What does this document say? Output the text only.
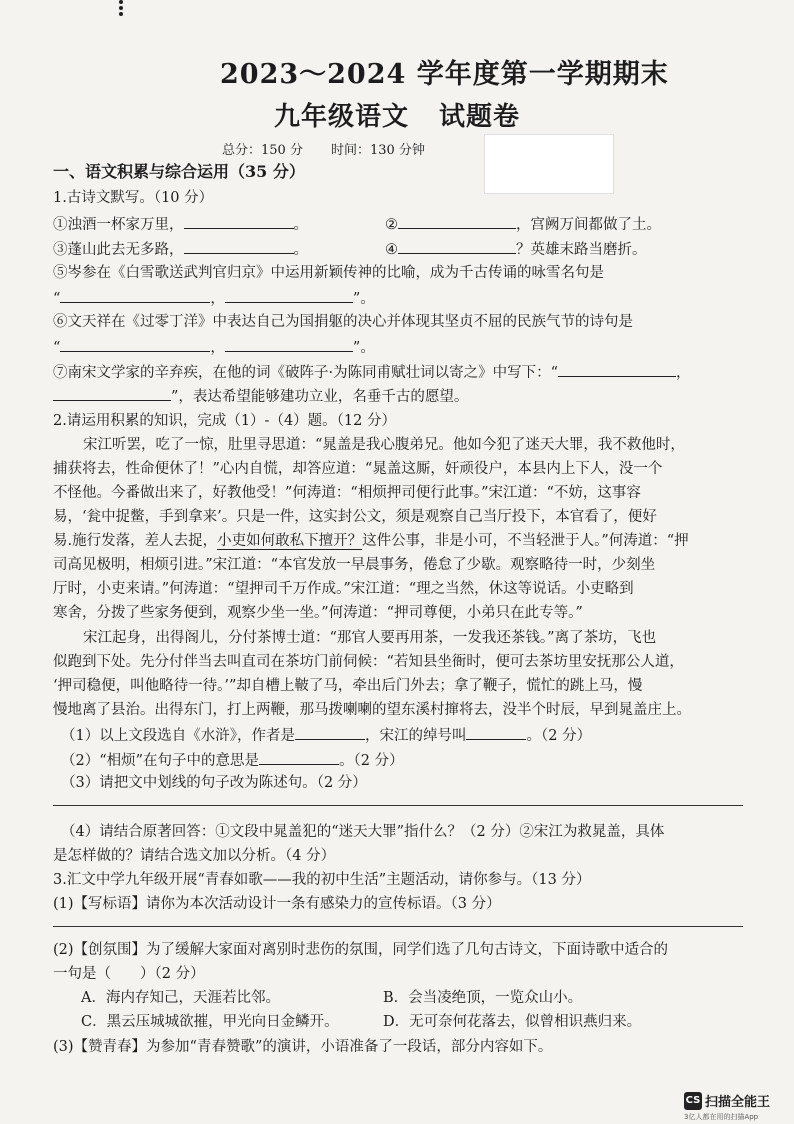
2023～2024 学年度第一学期期末
九年级语文 试题卷
总分：150 分 时间：130 分钟
一、语文积累与综合运用（35 分）
1.古诗文默写。（10 分）
①浊酒一杯家万里，	。	②	，宫阙万间都做了土。
③蓬山此去无多路，	。	④	？英雄末路当磨折。
⑤岑参在《白雪歌送武判官归京》中运用新颖传神的比喻，成为千古传诵的咏雪名句是
“	，	”。
⑥文天祥在《过零丁洋》中表达自己为国捐躯的决心并体现其坚贞不屈的民族气节的诗句是
“	，	”。
⑦南宋文学家的辛弃疾，在他的词《破阵子·为陈同甫赋壮词以寄之》中写下：“	，
”，表达希望能够建功立业，名垂千古的愿望。
2.请运用积累的知识，完成（1）-（4）题。（12 分）
宋江听罢，吃了一惊，肚里寻思道：“晁盖是我心腹弟兄。他如今犯了迷天大罪，我不救他时，
捕获将去，性命便休了！”心内自慌，却答应道：“晁盖这厮，奸顽役户，本县内上下人，没一个
不怪他。今番做出来了，好教他受！”何涛道：“相烦押司便行此事。”宋江道：“不妨，这事容
易，‘瓮中捉鳖，手到拿来’。只是一件，这实封公文，须是观察自己当厅投下，本官看了，便好
易.施行发落，差人去捉，小吏如何敢私下擅开？这件公事，非是小可，不当轻泄于人。”何涛道：“押
司高见极明，相烦引进。”宋江道：“本官发放一早晨事务，倦怠了少歇。观察略待一时，少刻坐
厅时，小吏来请。”何涛道：“望押司千万作成。”宋江道：“理之当然，休这等说话。小吏略到
寒舍，分拨了些家务便到，观察少坐一坐。”何涛道：“押司尊便，小弟只在此专等。”
宋江起身，出得阁儿，分付茶博士道：“那官人要再用茶，一发我还茶钱。”离了茶坊，飞也
似跑到下处。先分付伴当去叫直司在茶坊门前伺候：“若知县坐衙时，便可去茶坊里安抚那公人道，
‘押司稳便，叫他略待一待。’”却自槽上鞁了马，牵出后门外去；拿了鞭子，慌忙的跳上马，慢
慢地离了县治。出得东门，打上两鞭，那马拨喇喇的望东溪村撺将去，没半个时辰，早到晁盖庄上。
（1）以上文段选自《水浒》，作者是	，宋江的绰号叫	。（2 分）
（2）“相烦”在句子中的意思是	。（2 分）
（3）请把文中划线的句子改为陈述句。（2 分）
（4）请结合原著回答：①文段中晁盖犯的“迷天大罪”指什么？（2 分）②宋江为救晁盖，具体
是怎样做的？请结合选文加以分析。（4 分）
3.汇文中学九年级开展“青春如歌——我的初中生活”主题活动，请你参与。（13 分）
(1)【写标语】请你为本次活动设计一条有感染力的宣传标语。（3 分）
(2)【创氛围】为了缓解大家面对离别时悲伤的氛围，同学们选了几句古诗文，下面诗歌中适合的
一句是（　　）（2 分）
A．海内存知己，天涯若比邻。	B．会当凌绝顶，一览众山小。
C．黑云压城城欲摧，甲光向日金鳞开。	D．无可奈何花落去，似曾相识燕归来。
(3)【赞青春】为参加“青春赞歌”的演讲，小语准备了一段话，部分内容如下。
CS 扫描全能王
3亿人都在用的扫描App
